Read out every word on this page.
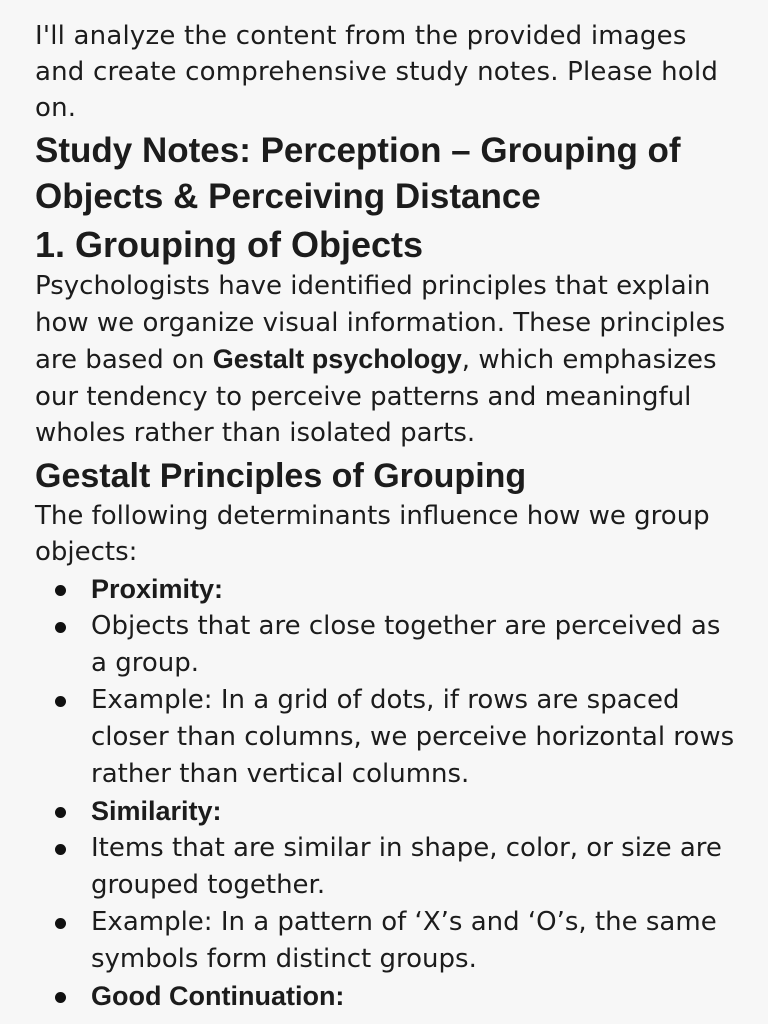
I'll analyze the content from the provided images and create comprehensive study notes. Please hold on.

Study Notes: Perception – Grouping of Objects & Perceiving Distance
1. Grouping of Objects

Psychologists have identified principles that explain how we organize visual information. These principles are based on Gestalt psychology, which emphasizes our tendency to perceive patterns and meaningful wholes rather than isolated parts.

Gestalt Principles of Grouping

The following determinants influence how we group objects:

Proximity:
Objects that are close together are perceived as a group.
Example: In a grid of dots, if rows are spaced closer than columns, we perceive horizontal rows rather than vertical columns.
Similarity:
Items that are similar in shape, color, or size are grouped together.
Example: In a pattern of ‘X’s and ‘O’s, the same symbols form distinct groups.
Good Continuation:
